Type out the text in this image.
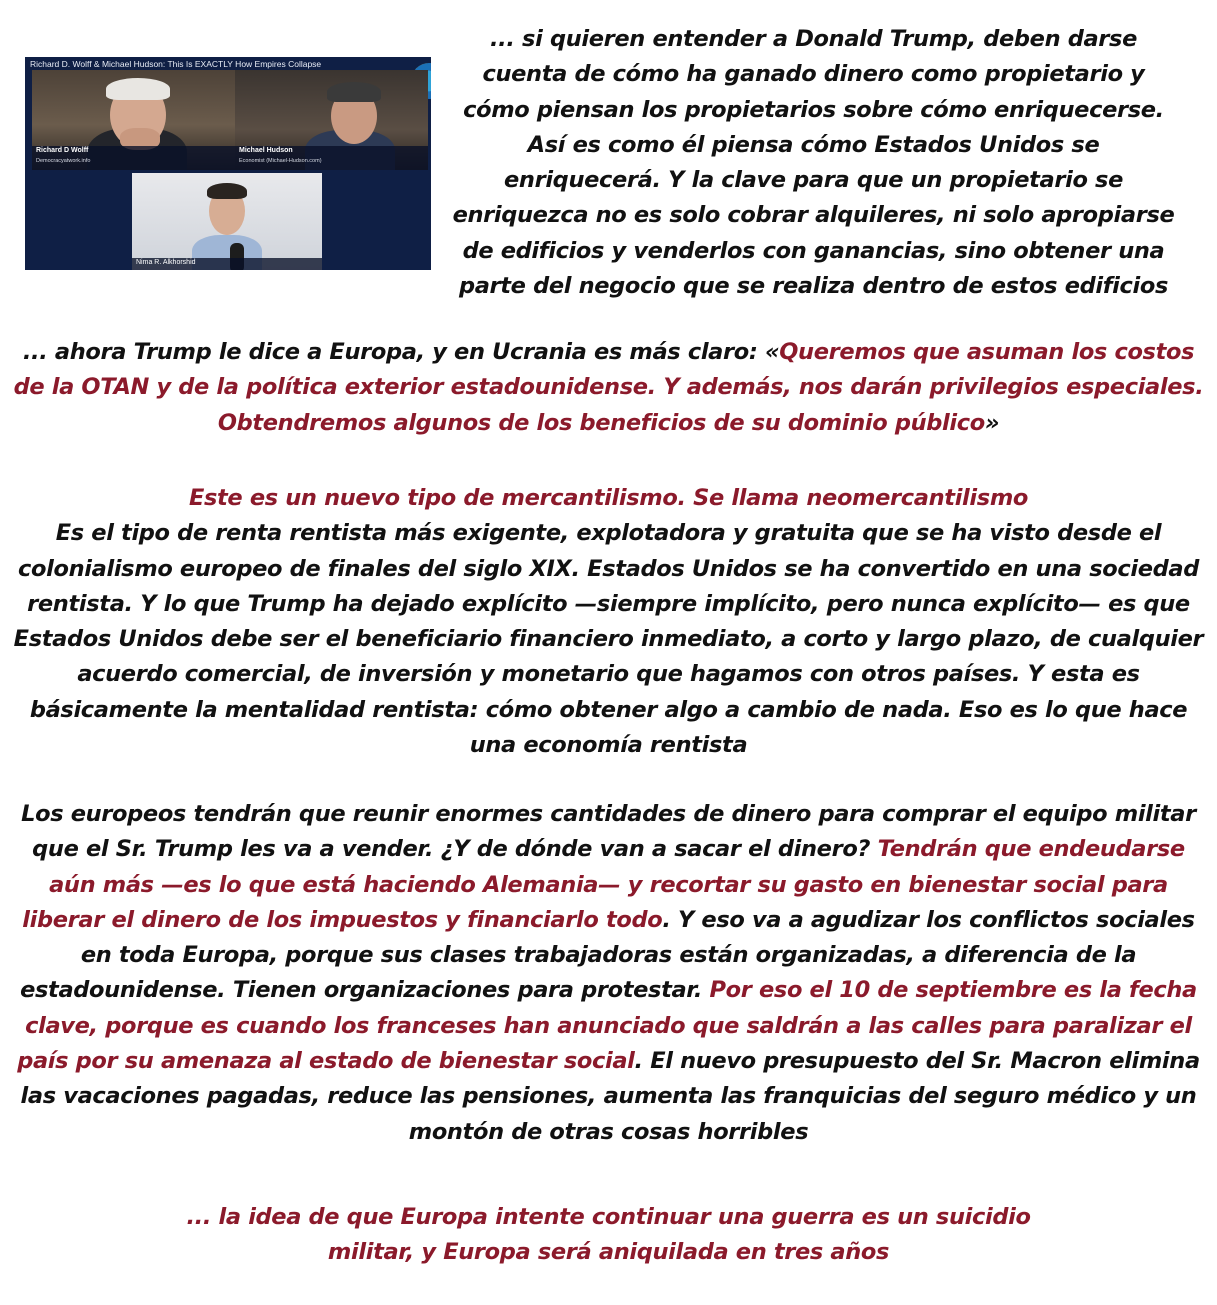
Richard D. Wolff & Michael Hudson: This Is EXACTLY How Empires Collapse
Richard D Wolff
Democracyatwork.info
Michael Hudson
Economist (Michael-Hudson.com)
Nima R. Alkhorshid

... si quieren entender a Donald Trump, deben darse cuenta de cómo ha ganado dinero como propietario y cómo piensan los propietarios sobre cómo enriquecerse. Así es como él piensa cómo Estados Unidos se enriquecerá. Y la clave para que un propietario se enriquezca no es solo cobrar alquileres, ni solo apropiarse de edificios y venderlos con ganancias, sino obtener una parte del negocio que se realiza dentro de estos edificios

... ahora Trump le dice a Europa, y en Ucrania es más claro: «Queremos que asuman los costos de la OTAN y de la política exterior estadounidense. Y además, nos darán privilegios especiales. Obtendremos algunos de los beneficios de su dominio público»

Este es un nuevo tipo de mercantilismo. Se llama neomercantilismo
Es el tipo de renta rentista más exigente, explotadora y gratuita que se ha visto desde el colonialismo europeo de finales del siglo XIX. Estados Unidos se ha convertido en una sociedad rentista. Y lo que Trump ha dejado explícito —siempre implícito, pero nunca explícito— es que Estados Unidos debe ser el beneficiario financiero inmediato, a corto y largo plazo, de cualquier acuerdo comercial, de inversión y monetario que hagamos con otros países. Y esta es básicamente la mentalidad rentista: cómo obtener algo a cambio de nada. Eso es lo que hace una economía rentista

Los europeos tendrán que reunir enormes cantidades de dinero para comprar el equipo militar que el Sr. Trump les va a vender. ¿Y de dónde van a sacar el dinero? Tendrán que endeudarse aún más —es lo que está haciendo Alemania— y recortar su gasto en bienestar social para liberar el dinero de los impuestos y financiarlo todo. Y eso va a agudizar los conflictos sociales en toda Europa, porque sus clases trabajadoras están organizadas, a diferencia de la estadounidense. Tienen organizaciones para protestar. Por eso el 10 de septiembre es la fecha clave, porque es cuando los franceses han anunciado que saldrán a las calles para paralizar el país por su amenaza al estado de bienestar social. El nuevo presupuesto del Sr. Macron elimina las vacaciones pagadas, reduce las pensiones, aumenta las franquicias del seguro médico y un montón de otras cosas horribles

... la idea de que Europa intente continuar una guerra es un suicidio militar, y Europa será aniquilada en tres años
